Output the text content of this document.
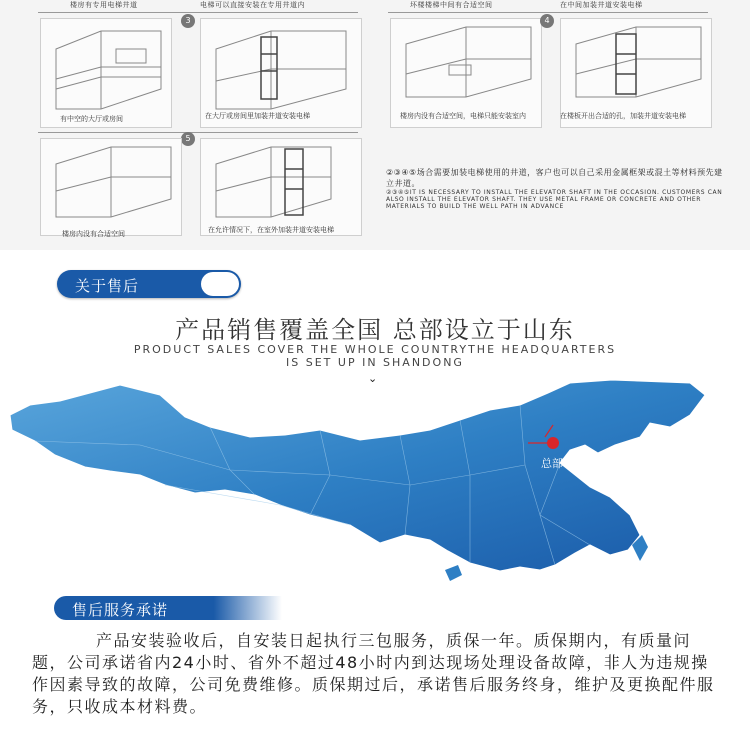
楼房有专用电梯井道	电梯可以直接安装在专用井道内	坏楼楼梯中间有合适空间	在中间加装井道安装电梯
3
有中空的大厅或房间	在大厅或房间里加装井道安装电梯
4
楼房内没有合适空间，电梯只能安装室内	在楼板开出合适的孔，加装井道安装电梯
5
楼房内没有合适空间	在允许情况下，在室外加装井道安装电梯
②③④⑤场合需要加装电梯使用的井道，客户也可以自己采用金属框架或混土等材料预先建立井道。
②③④⑤IT IS NECESSARY TO INSTALL THE ELEVATOR SHAFT IN THE OCCASION. CUSTOMERS CAN ALSO INSTALL THE ELEVATOR SHAFT. THEY USE METAL FRAME OR CONCRETE AND OTHER MATERIALS TO BUILD THE WELL PATH IN ADVANCE
关于售后
产品销售覆盖全国 总部设立于山东
PRODUCT SALES COVER THE WHOLE COUNTRYTHE HEADQUARTERS
IS SET UP IN SHANDONG
⌄
总部
售后服务承诺
产品安装验收后，自安装日起执行三包服务，质保一年。质保期内，有质量问题，公司承诺省内24小时、省外不超过48小时内到达现场处理设备故障，非人为违规操作因素导致的故障，公司免费维修。质保期过后，承诺售后服务终身，维护及更换配件服务，只收成本材料费。
